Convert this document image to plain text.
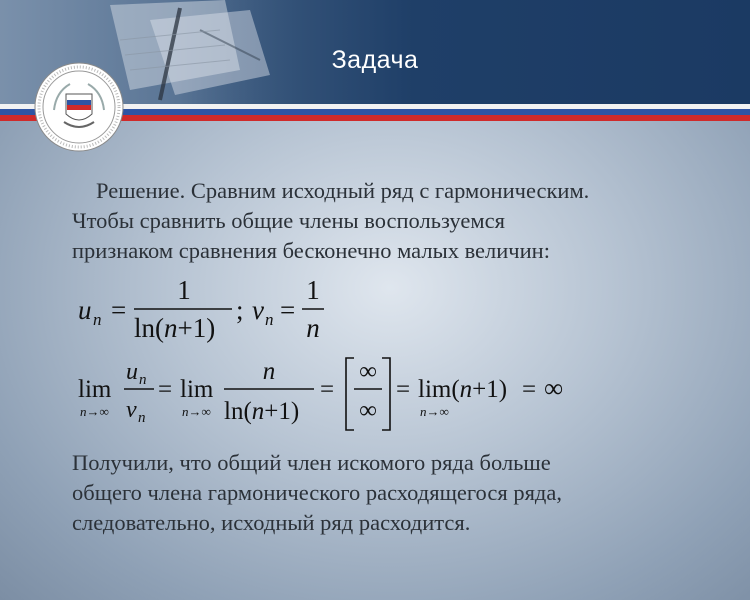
Задача
Решение. Сравним исходный ряд с гармоническим.
Чтобы сравнить общие члены воспользуемся
признаком сравнения бесконечно малых величин:
u n =
1
ln(n+1)
; v n =
1
n
lim
n→∞
u n
v n
= lim
n→∞
n
ln(n+1)
=
∞
∞
= lim(n+1)
n→∞
= ∞
Получили, что общий член искомого ряда больше
общего члена гармонического расходящегося ряда,
следовательно, исходный ряд расходится.
